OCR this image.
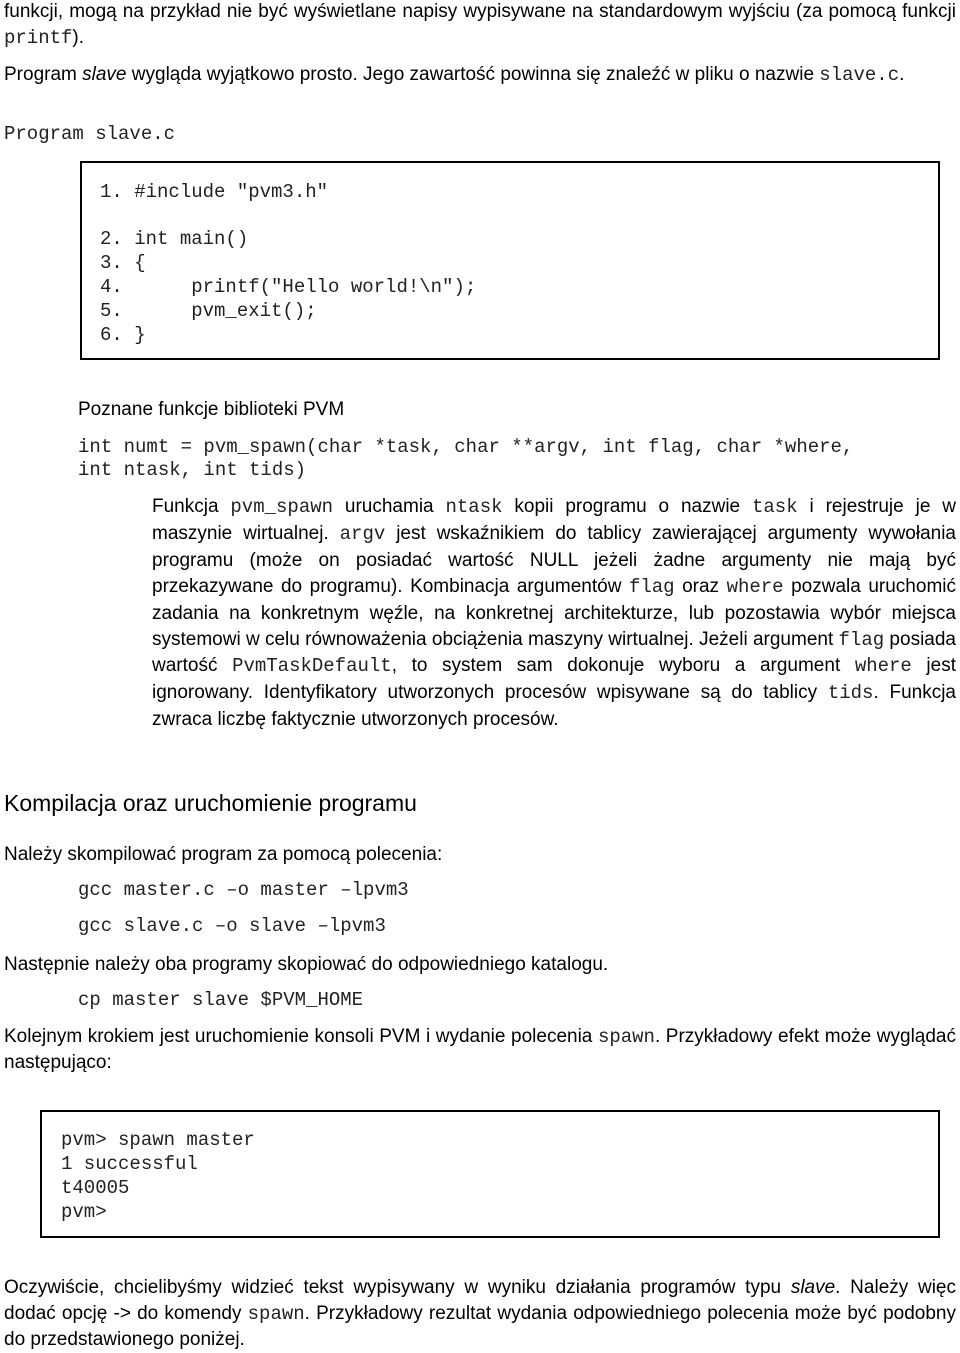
funkcji, mogą na przykład nie być wyświetlane napisy wypisywane na standardowym wyjściu (za pomocą funkcji printf).

Program slave wygląda wyjątkowo prosto. Jego zawartość powinna się znaleźć w pliku o nazwie slave.c.

Program slave.c
1. #include "pvm3.h"
2. int main()
3. {
4.      printf("Hello world!\n");
5.      pvm_exit();
6. }
Poznane funkcje biblioteki PVM
int numt = pvm_spawn(char *task, char **argv, int flag, char *where,
int ntask, int tids)

Funkcja pvm_spawn uruchamia ntask kopii programu o nazwie task i rejestruje je w maszynie wirtualnej. argv jest wskaźnikiem do tablicy zawierającej argumenty wywołania programu (może on posiadać wartość NULL jeżeli żadne argumenty nie mają być przekazywane do programu). Kombinacja argumentów flag oraz where pozwala uruchomić zadania na konkretnym węźle, na konkretnej architekturze, lub pozostawia wybór miejsca systemowi w celu równoważenia obciążenia maszyny wirtualnej. Jeżeli argument flag posiada wartość PvmTaskDefault, to system sam dokonuje wyboru a argument where jest ignorowany. Identyfikatory utworzonych procesów wpisywane są do tablicy tids. Funkcja zwraca liczbę faktycznie utworzonych procesów.

Kompilacja oraz uruchomienie programu
Należy skompilować program za pomocą polecenia:
gcc master.c –o master –lpvm3
gcc slave.c –o slave –lpvm3
Następnie należy oba programy skopiować do odpowiedniego katalogu.
cp master slave $PVM_HOME

Kolejnym krokiem jest uruchomienie konsoli PVM i wydanie polecenia spawn. Przykładowy efekt może wyglądać następująco:

pvm> spawn master
1 successful
t40005
pvm>

Oczywiście, chcielibyśmy widzieć tekst wypisywany w wyniku działania programów typu slave. Należy więc dodać opcję -> do komendy spawn. Przykładowy rezultat wydania odpowiedniego polecenia może być podobny do przedstawionego poniżej.
